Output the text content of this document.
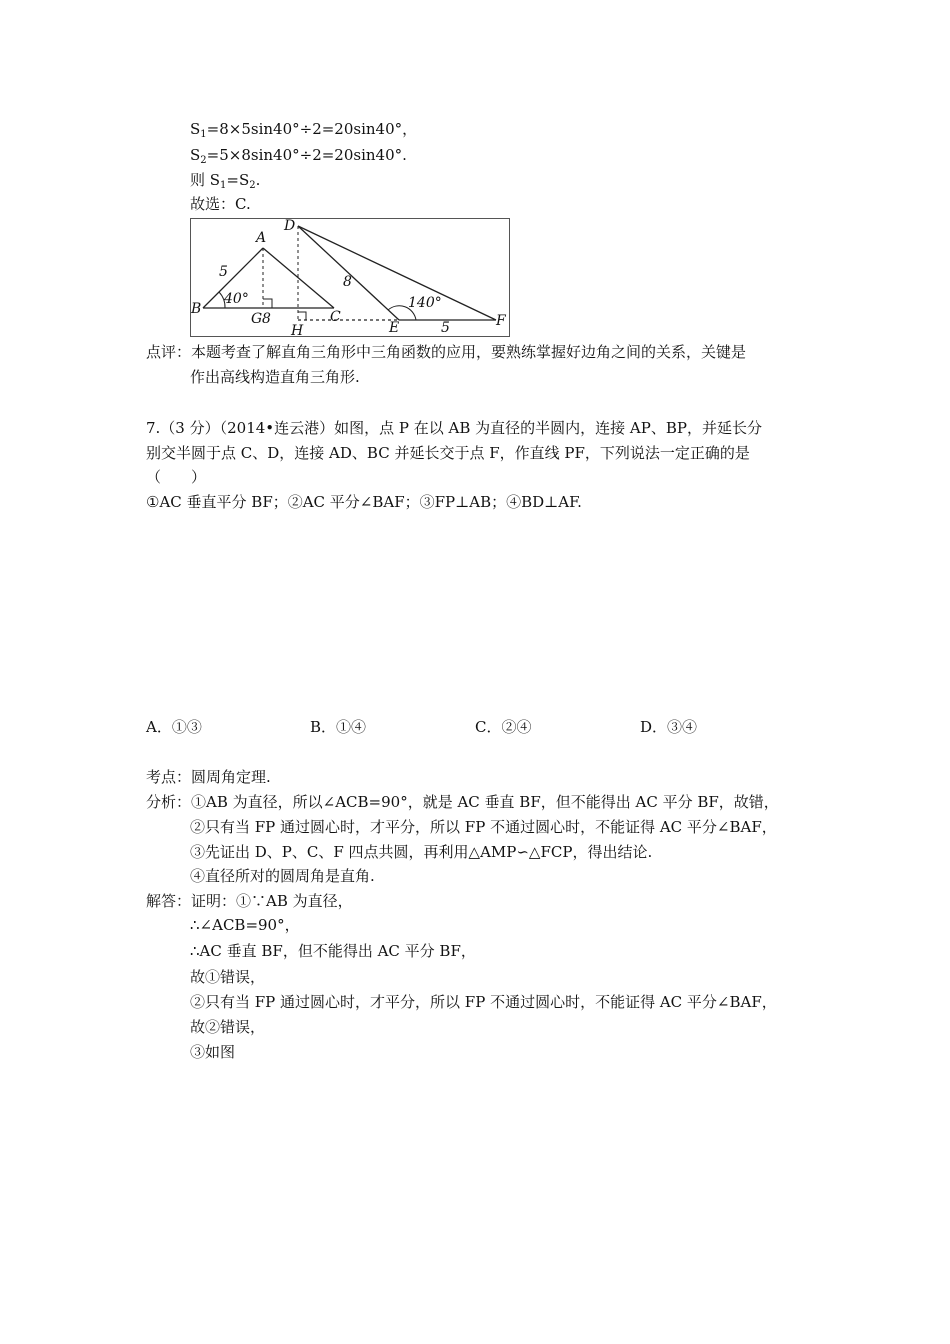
$S_1=8\times 5\sin 40^\circ\div 2=20\sin 40^\circ$，
$S_2=5\times 8\sin 40^\circ\div 2=20\sin 40^\circ$.
则 $S_1=S_2$.
故选：C.
A
B	C
D
E	F
G
H
5
8
8
5
40°	140°
点评：本题考查了解直角三角形中三角函数的应用，要熟练掌握好边角之间的关系，关键是
作出高线构造直角三角形.
7.（3 分）（2014•连云港）如图，点 P 在以 AB 为直径的半圆内，连接 AP、BP，并延长分
别交半圆于点 C、D，连接 AD、BC 并延长交于点 F，作直线 PF，下列说法一定正确的是
（　　）
①AC 垂直平分 BF；②AC 平分∠BAF；③FP⊥AB；④BD⊥AF.
A．①③	B．①④	C．②④	D．③④
考点：圆周角定理.
分析：①AB 为直径，所以∠ACB=90°，就是 AC 垂直 BF，但不能得出 AC 平分 BF，故错，
②只有当 FP 通过圆心时，才平分，所以 FP 不通过圆心时，不能证得 AC 平分∠BAF，
③先证出 D、P、C、F 四点共圆，再利用△AMP∽△FCP，得出结论.
④直径所对的圆周角是直角.
解答：证明：①∵AB 为直径，
∴∠ACB=90°，
∴AC 垂直 BF，但不能得出 AC 平分 BF，
故①错误，
②只有当 FP 通过圆心时，才平分，所以 FP 不通过圆心时，不能证得 AC 平分∠BAF，
故②错误，
③如图
